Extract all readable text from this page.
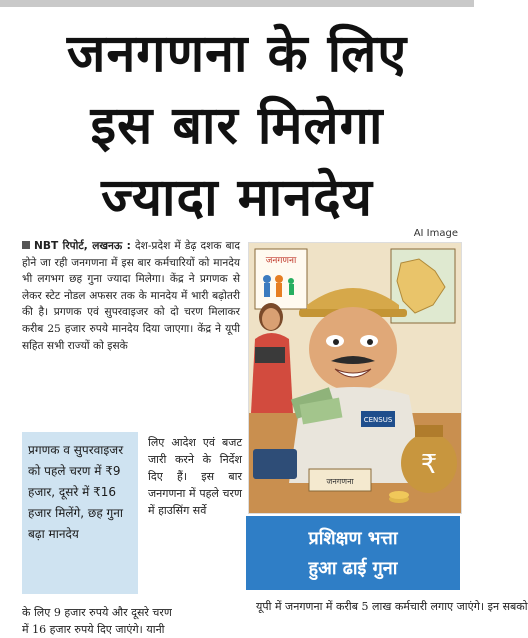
जनगणना के लिए
इस बार मिलेगा
ज्यादा मानदेय
AI Image
NBT रिपोर्ट, लखनऊ : देश-प्रदेश में डेढ़ दशक बाद होने जा रही जनगणना में इस बार कर्मचारियों को मानदेय भी लगभग छह गुना ज्यादा मिलेगा। केंद्र ने प्रगणक से लेकर स्टेट नोडल अफसर तक के मानदेय में भारी बढ़ोतरी की है। प्रगणक एवं सुपरवाइजर को दो चरण मिलाकर करीब 25 हजार रुपये मानदेय दिया जाएगा। केंद्र ने यूपी सहित सभी राज्यों को इसके
प्रगणक व सुपरवाइजर को पहले चरण में ₹9 हजार, दूसरे में ₹16 हजार मिलेंगे, छह गुना बढ़ा मानदेय
लिए आदेश एवं बजट जारी करने के निर्देश दिए हैं। इस बार जनगणना में पहले चरण में हाउसिंग सर्वे
के लिए 9 हजार रुपये और दूसरे चरण
में 16 हजार रुपये दिए जाएंगे। यानी
जनगणना
CENSUS
जनगणना
₹
प्रशिक्षण भत्ता
हुआ ढाई गुना
यूपी में जनगणना में करीब 5 लाख कर्मचारी लगाए जाएंगे। इन सबको
